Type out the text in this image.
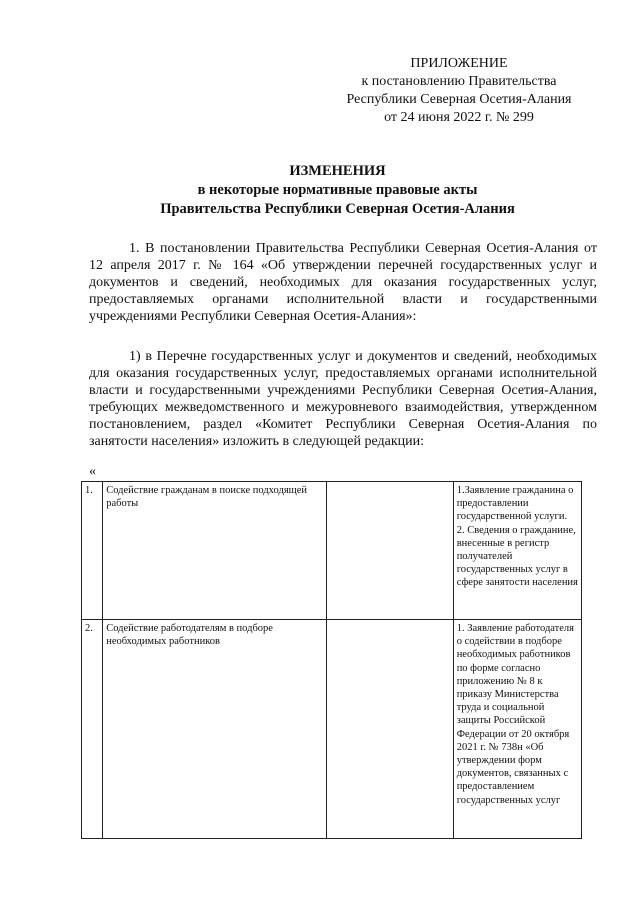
ПРИЛОЖЕНИЕ
к постановлению Правительства
Республики Северная Осетия-Алания
от 24 июня 2022 г. № 299
ИЗМЕНЕНИЯ
в некоторые нормативные правовые акты
Правительства Республики Северная Осетия-Алания

1. В постановлении Правительства Республики Северная Осетия-Алания от 12 апреля 2017 г. № 164 «Об утверждении перечней государственных услуг и документов и сведений, необходимых для оказания государственных услуг, предоставляемых органами исполнительной власти и государственными учреждениями Республики Северная Осетия-Алания»:

1) в Перечне государственных услуг и документов и сведений, необходимых для оказания государственных услуг, предоставляемых органами исполнительной власти и государственными учреждениями Республики Северная Осетия-Алания, требующих межведомственного и межуровневого взаимодействия, утвержденном постановлением, раздел «Комитет Республики Северная Осетия-Алания по занятости населения» изложить в следующей редакции:

«
1.	Содействие гражданам в поиске подходящей работы		1.Заявление гражданина о предоставлении государственной услуги.
2. Сведения о гражданине, внесенные в регистр получателей государственных услуг в сфере занятости населения

2.	Содействие работодателям в подборе необходимых работников		1. Заявление работодателя о содействии в подборе необходимых работников по форме согласно приложению № 8 к приказу Министерства труда и социальной защиты Российской Федерации от 20 октября 2021 г. № 738н «Об утверждении форм документов, связанных с предоставлением государственных услуг
